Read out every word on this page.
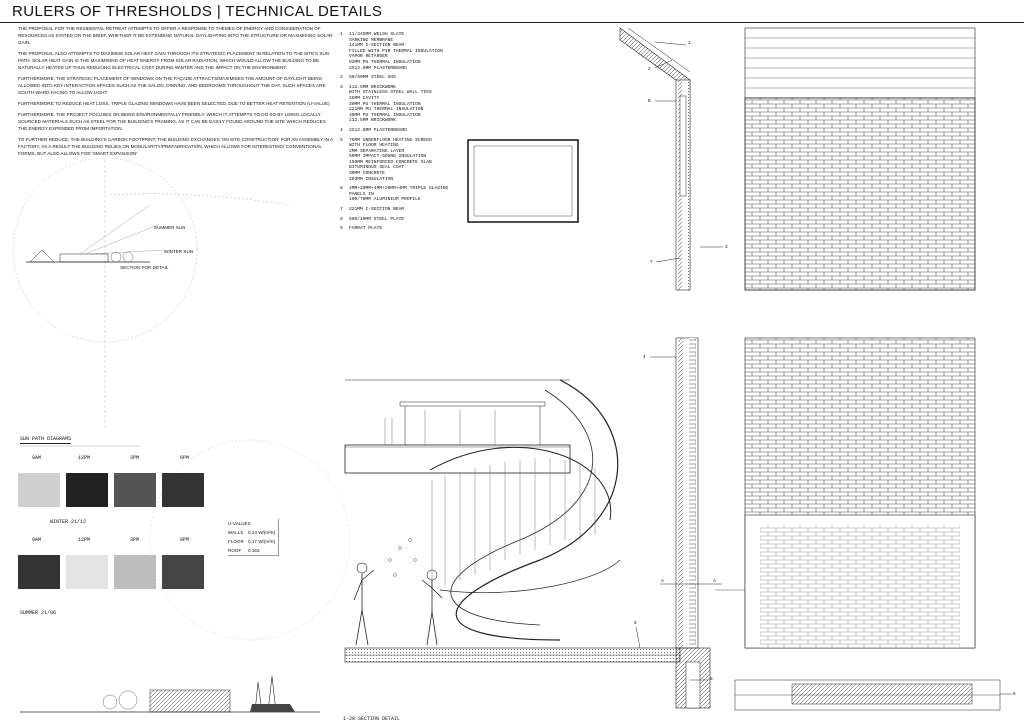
RULERS OF THRESHOLDS | TECHNICAL DETAILS

THE PROPOSAL FOR THE RESIDENTAL RETREAT ATTEMPTS TO OFFER A RESPONSE TO THEMES OF ENERGY AND CONSIDERATION OF RESOURCES AS STATED ON THE BRIEF, WHETHER IT BE EXTENDING NATURAL DAYLIGHTING INTO THE STRUCTURE OR MAXIMISING SOLAR GAIN.

THE PROPOSAL ALSO ATTEMPTS TO MAXIMISE SOLAR HEAT GAIN THROUGH ITS STRATEGIC PLACEMENT IN RELATION TO THE SITE'S SUN PATH. SOLAR HEAT GAIN IS THE MAXIMISING OF HEAT ENERGY FROM SOLAR RADIATION, WHICH WOULD ALLOW THE BUILDING TO BE NATURALLY HEATED UP THUS REDUCING ELECTRICAL COST DURING WINTER AND THE IMPACT ON THE ENVIRONMENT.

FURTHERMORE, THE STRATEGIC PLACEMENT OF WINDOWS ON THE FAÇADE ATTRACTS/MAXIMISES THE AMOUNT OF DAYLIGHT BEING ALLOWED INTO KEY INTERACTION SPACES SUCH AS THE SALON, DINNING, AND BEDROOMS THROUGHOUT THE DAY. SUCH SPACES ARE SOUTH-WARD FACING TO ALLOW LIGHT.

FURTHERMORE TO REDUCE HEAT LOSS, TRIPLE GLAZING WINDOWS HAVE BEEN SELECTED, DUE TO BETTER HEAT RETENTION (U-VALUE)

FURTHERMORE, THE PROJECT FOCUSES ON BEING ENVIRONMENTALLY FRIENDLY, WHICH IT ATTEMPTS TO DO SO BY USING LOCALLY SOURCED MATERIALS SUCH AS STEEL FOR THE BUILDING'S FRAMING, AS IT CAN BE EASILY FOUND AROUND THE SITE WHICH REDUCES THE ENERGY EXPENDED FROM IMPORTATION.

TO FURTHER REDUCE, THE BUILDING'S CARBON FOOTPRINT, THE BUILDING EXCHANGES 'ON SITE CONSTRUCTION' FOR AN ASSEMBLY IN A FACTORY, AS A RESULT THE BUILDING RELIES ON MODULARITY/PREFABRICATION, WHICH ALLOWS FOR INTERESTING/ CONVENTIONAL FORMS, BUT ALSO ALLOWS FOR 'SMART EXPANSION'

1	11/345MM WELSH SLATE
SARKING MEMBRANE
141MM I-SECTION BEAM
FILLED WITH PIR THERMAL INSULATION
VAPOR RETARDER
92MM PU THERMAL INSULATION
2X12.5MM PLASTERBOARD
2	50/50MM STEEL SHS
3	112.5MM BRICKWORK
WITH STAINLESS STEEL WALL TIES
25MM CAVITY
30MM PU THERMAL INSULATION
221MM PU THERMAL INSULATION
30MM PU THERMAL INSULATION
112.5MM BRICKWORK
4	2X12.5MM PLASTERBOARD
5	75MM UNDERFLOOR HEATING SCREED
WITH FLOOR HEATING
2MM SEPARATING LAYER
50MM IMPACT-SOUND INSULATION
150MM REINFORCED CONCRETE SLAB
BITUMINOUS SEAL COAT
30MM CONCRETE
193MM INSULATION
6	4MM+20MM+4MM+20MM+4MM TRIPLE GLAZING
PANELS IN
100/70MM ALUMINIUM PROFILE
7	221MM I-SECTION BEAM
8	500/10MM STEEL PLATE
9	FARRAT PLATE
SUMMER SUN
WINTER SUN
SECTION FOR DETAIL
SUN PATH DIAGRAMS
9AM	12PM	3PM	6PM
WINTER 21/12
9AM	12PM	3PM	6PM
SUMMER 21/06
U-VALUES
WALLS 0,24 W/(m²K)
FLOOR 0,17 W/(m²K)
ROOF	0,163
1
2
8
3
7
4
5
9
6
A	A
1-20 SECTION DETAIL
